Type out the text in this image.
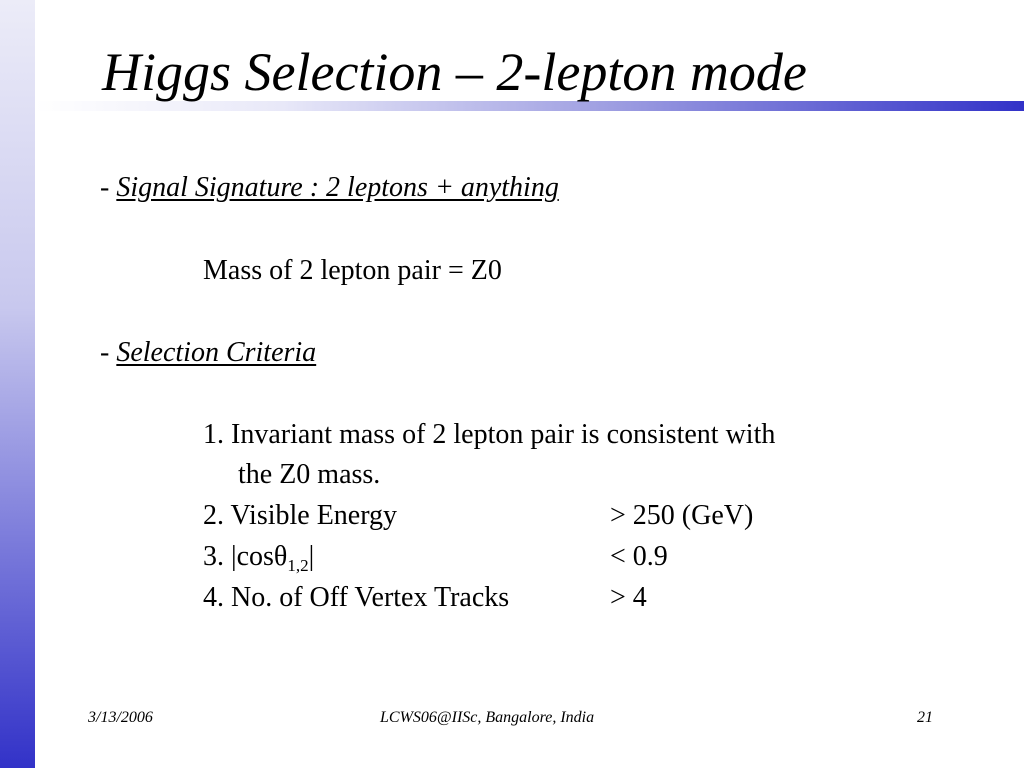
Higgs Selection – 2-lepton mode
- Signal Signature : 2 leptons + anything
Mass of 2 lepton pair = Z0
- Selection Criteria
1. Invariant mass of 2 lepton pair is consistent with
the Z0 mass.
2. Visible Energy	> 250 (GeV)
3. |cosθ$_{1,2}$|	< 0.9
4. No. of Off Vertex Tracks	> 4
3/13/2006	LCWS06@IISc, Bangalore, India	21
